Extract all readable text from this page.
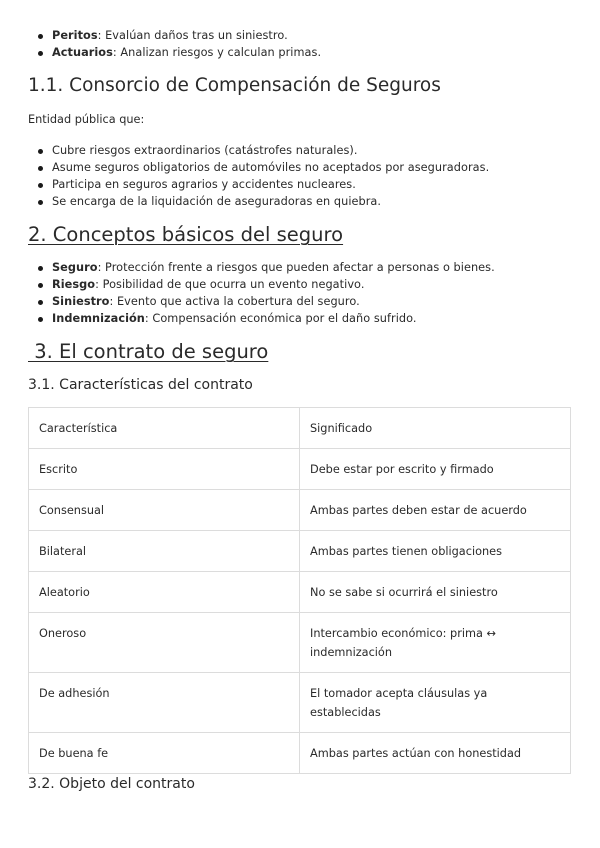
Peritos: Evalúan daños tras un siniestro.
Actuarios: Analizan riesgos y calculan primas.
1.1. Consorcio de Compensación de Seguros

Entidad pública que:

Cubre riesgos extraordinarios (catástrofes naturales).
Asume seguros obligatorios de automóviles no aceptados por aseguradoras.
Participa en seguros agrarios y accidentes nucleares.
Se encarga de la liquidación de aseguradoras en quiebra.
2. Conceptos básicos del seguro
Seguro: Protección frente a riesgos que pueden afectar a personas o bienes.
Riesgo: Posibilidad de que ocurra un evento negativo.
Siniestro: Evento que activa la cobertura del seguro.
Indemnización: Compensación económica por el daño sufrido.
3. El contrato de seguro
3.1. Características del contrato
Característica	Significado
Escrito	Debe estar por escrito y firmado
Consensual	Ambas partes deben estar de acuerdo
Bilateral	Ambas partes tienen obligaciones
Aleatorio	No se sabe si ocurrirá el siniestro
Oneroso	Intercambio económico: prima ↔ indemnización
De adhesión	El tomador acepta cláusulas ya establecidas
De buena fe	Ambas partes actúan con honestidad
3.2. Objeto del contrato
